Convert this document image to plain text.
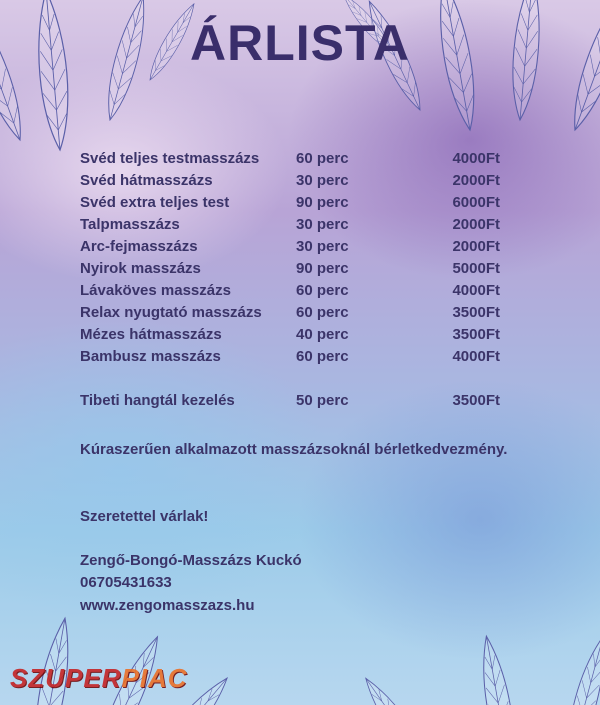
ÁRLISTA
Svéd teljes testmasszázs 60 perc	4000Ft
Svéd hátmasszázs	30 perc	2000Ft
Svéd extra teljes test	90 perc	6000Ft
Talpmasszázs	30 perc	2000Ft
Arc-fejmasszázs	30 perc	2000Ft
Nyirok masszázs	90 perc	5000Ft
Lávaköves masszázs	60 perc	4000Ft
Relax nyugtató masszázs 60 perc	3500Ft
Mézes hátmasszázs	40 perc	3500Ft
Bambusz masszázs	60 perc	4000Ft
Tibeti hangtál kezelés	50 perc	3500Ft
Kúraszerűen alkalmazott masszázsoknál bérletkedvezmény.
Szeretettel várlak!
Zengő-Bongó-Masszázs Kuckó
06705431633
www.zengomasszazs.hu
SZUPERPIAC
